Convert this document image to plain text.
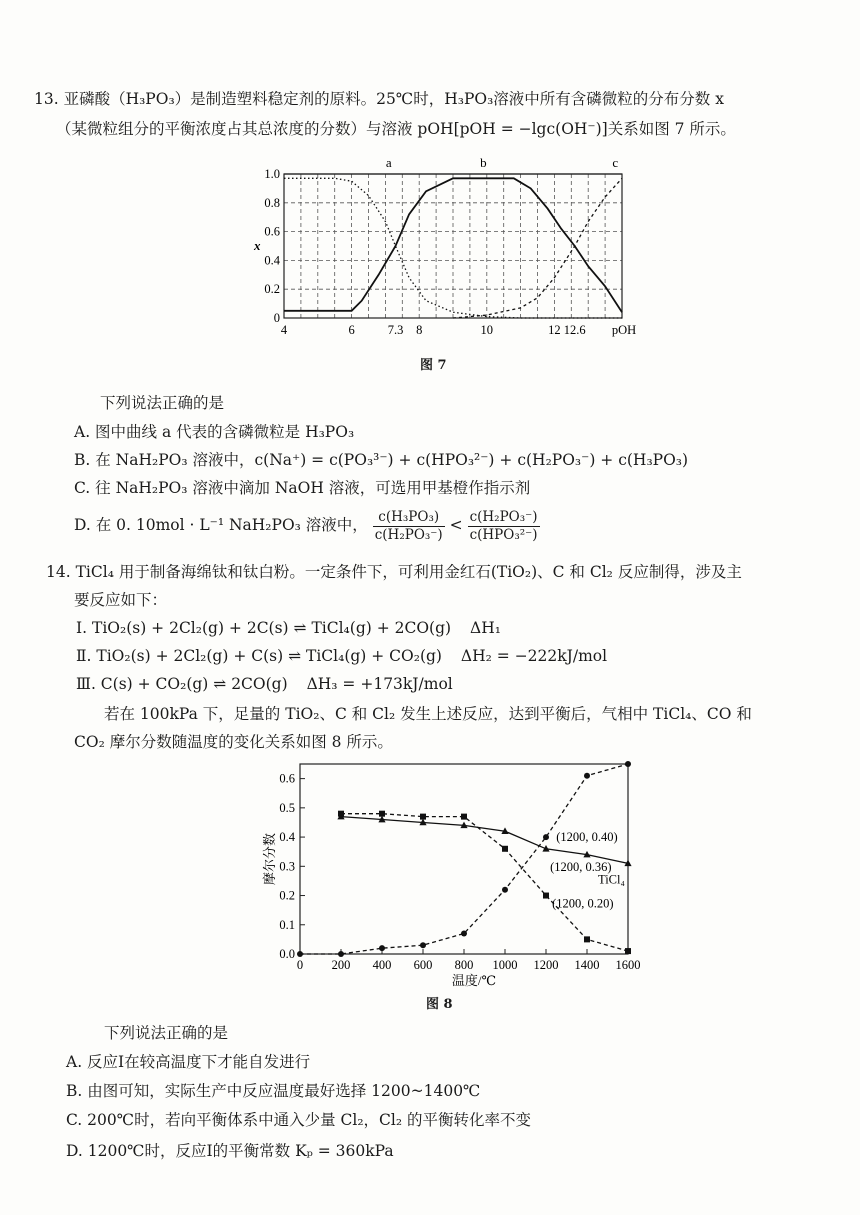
13. 亚磷酸（H₃PO₃）是制造塑料稳定剂的原料。25℃时，H₃PO₃溶液中所有含磷微粒的分布分数 x
（某微粒组分的平衡浓度占其总浓度的分数）与溶液 pOH[pOH = −lgc(OH⁻)]关系如图 7 所示。
a	b	c
0
0.2
0.4
0.6
0.8
1.0
x
4	6	7.3 8	10	12 12.6 pOH
图 7
下列说法正确的是
A. 图中曲线 a 代表的含磷微粒是 H₃PO₃
B. 在 NaH₂PO₃ 溶液中，c(Na⁺) = c(PO₃³⁻) + c(HPO₃²⁻) + c(H₂PO₃⁻) + c(H₃PO₃)
C. 往 NaH₂PO₃ 溶液中滴加 NaOH 溶液，可选用甲基橙作指示剂
D. 在 0. 10mol · L⁻¹ NaH₂PO₃ 溶液中， $\frac{\text{c(H₃PO₃)}}{\text{c(H₂PO₃⁻)}} < \frac{\text{c(H₂PO₃⁻)}}{\text{c(HPO₃²⁻)}}$
14. TiCl₄ 用于制备海绵钛和钛白粉。一定条件下，可利用金红石(TiO₂)、C 和 Cl₂ 反应制得，涉及主
要反应如下：
Ⅰ. TiO₂(s) + 2Cl₂(g) + 2C(s) ⇌ TiCl₄(g) + 2CO(g) ΔH₁
Ⅱ. TiO₂(s) + 2Cl₂(g) + C(s) ⇌ TiCl₄(g) + CO₂(g) ΔH₂ = −222kJ/mol
Ⅲ. C(s) + CO₂(g) ⇌ 2CO(g) ΔH₃ = +173kJ/mol
若在 100kPa 下，足量的 TiO₂、C 和 Cl₂ 发生上述反应，达到平衡后，气相中 TiCl₄、CO 和
CO₂ 摩尔分数随温度的变化关系如图 8 所示。
0.0
0.1
0.2
0.3
0.4
0.5
0.6
0 200 400 600 800 1000 1200 1400 1600
温度/℃
摩尔分数	TiCl₄
(1200, 0.40)
(1200, 0.36)
(1200, 0.20)
图 8
下列说法正确的是
A. 反应Ⅰ在较高温度下才能自发进行
B. 由图可知，实际生产中反应温度最好选择 1200~1400℃
C. 200℃时，若向平衡体系中通入少量 Cl₂，Cl₂ 的平衡转化率不变
D. 1200℃时，反应Ⅰ的平衡常数 Kₚ = 360kPa
